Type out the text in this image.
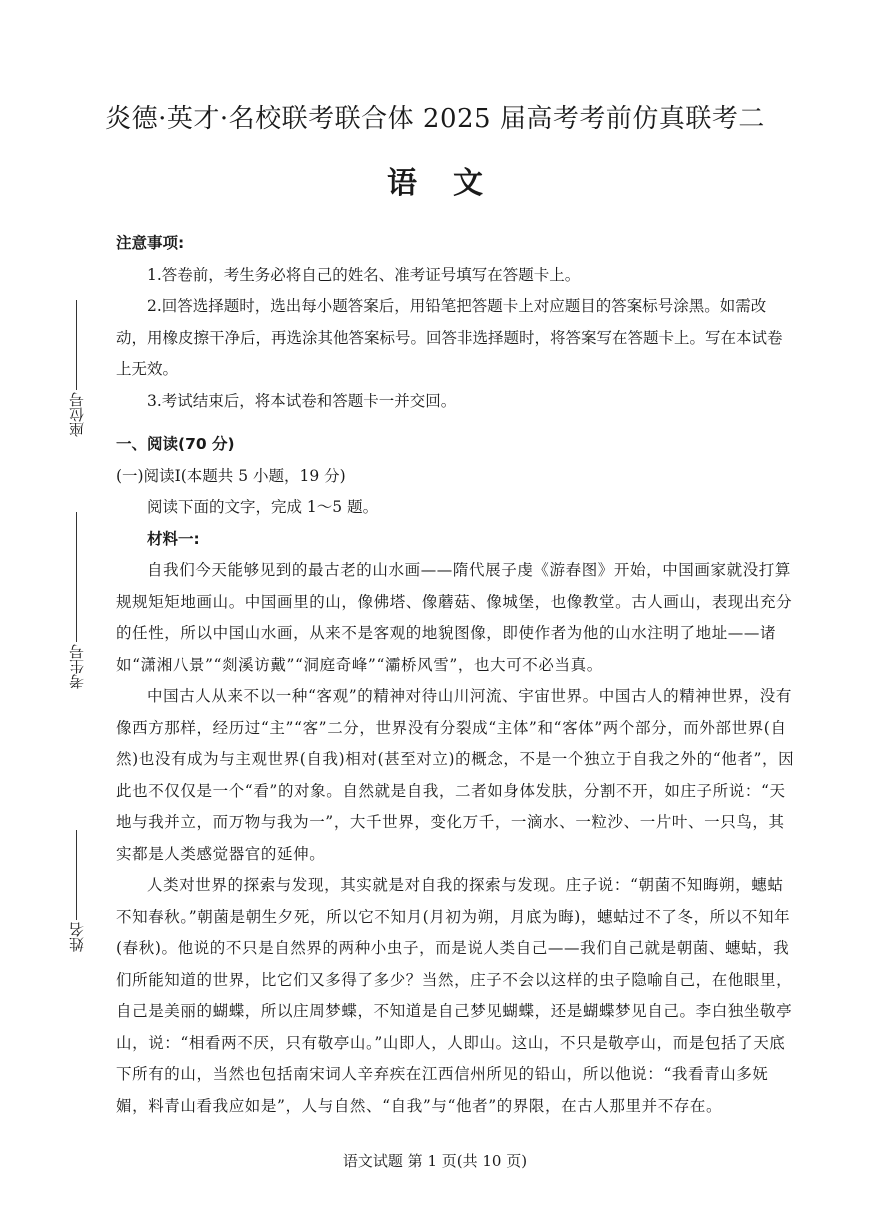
炎德·英才·名校联考联合体 2025 届高考考前仿真联考二
语文
座位号
考生号
姓名

注意事项:

1.答卷前，考生务必将自己的姓名、准考证号填写在答题卡上。

2.回答选择题时，选出每小题答案后，用铅笔把答题卡上对应题目的答案标号涂黑。如需改动，用橡皮擦干净后，再选涂其他答案标号。回答非选择题时，将答案写在答题卡上。写在本试卷上无效。

3.考试结束后，将本试卷和答题卡一并交回。

一、阅读(70 分)

(一)阅读Ⅰ(本题共 5 小题，19 分)

阅读下面的文字，完成 1～5 题。

材料一:

自我们今天能够见到的最古老的山水画——隋代展子虔《游春图》开始，中国画家就没打算规规矩矩地画山。中国画里的山，像佛塔、像蘑菇、像城堡，也像教堂。古人画山，表现出充分的任性，所以中国山水画，从来不是客观的地貌图像，即使作者为他的山水注明了地址——诸如“潇湘八景”“剡溪访戴”“洞庭奇峰”“灞桥风雪”，也大可不必当真。

中国古人从来不以一种“客观”的精神对待山川河流、宇宙世界。中国古人的精神世界，没有像西方那样，经历过“主”“客”二分，世界没有分裂成“主体”和“客体”两个部分，而外部世界(自然)也没有成为与主观世界(自我)相对(甚至对立)的概念，不是一个独立于自我之外的“他者”，因此也不仅仅是一个“看”的对象。自然就是自我，二者如身体发肤，分割不开，如庄子所说：“天地与我并立，而万物与我为一”，大千世界，变化万千，一滴水、一粒沙、一片叶、一只鸟，其实都是人类感觉器官的延伸。

人类对世界的探索与发现，其实就是对自我的探索与发现。庄子说：“朝菌不知晦朔，蟪蛄不知春秋。”朝菌是朝生夕死，所以它不知月(月初为朔，月底为晦)，蟪蛄过不了冬，所以不知年(春秋)。他说的不只是自然界的两种小虫子，而是说人类自己——我们自己就是朝菌、蟪蛄，我们所能知道的世界，比它们又多得了多少？当然，庄子不会以这样的虫子隐喻自己，在他眼里，自己是美丽的蝴蝶，所以庄周梦蝶，不知道是自己梦见蝴蝶，还是蝴蝶梦见自己。李白独坐敬亭山，说：“相看两不厌，只有敬亭山。”山即人，人即山。这山，不只是敬亭山，而是包括了天底下所有的山，当然也包括南宋词人辛弃疾在江西信州所见的铅山，所以他说：“我看青山多妩媚，料青山看我应如是”，人与自然、“自我”与“他者”的界限，在古人那里并不存在。

语文试题 第 1 页(共 10 页)
